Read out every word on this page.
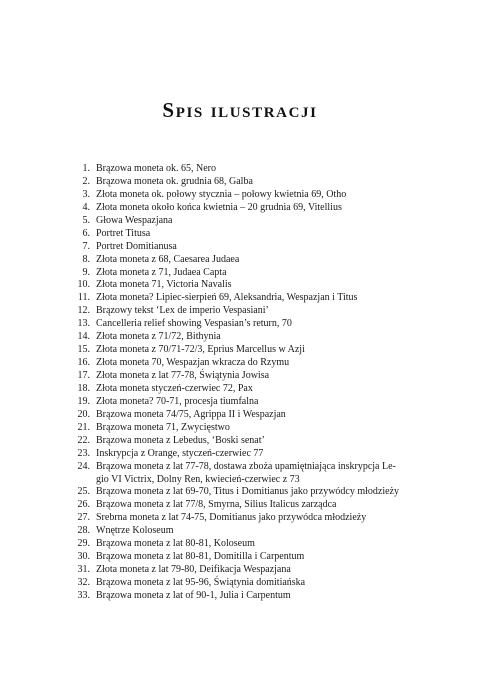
Spis ilustracji
1. Brązowa moneta ok. 65, Nero
2. Brązowa moneta ok. grudnia 68, Galba
3. Złota moneta ok. połowy stycznia – połowy kwietnia 69, Otho
4. Złota moneta około końca kwietnia – 20 grudnia 69, Vitellius
5. Głowa Wespazjana
6. Portret Titusa
7. Portret Domitianusa
8. Złota moneta z 68, Caesarea Judaea
9. Złota moneta z 71, Judaea Capta
10. Złota moneta 71, Victoria Navalis
11. Złota moneta? Lipiec-sierpień 69, Aleksandria, Wespazjan i Titus
12. Brązowy tekst ‘Lex de imperio Vespasiani’
13. Cancelleria relief showing Vespasian’s return, 70
14. Złota moneta z 71/72, Bithynia
15. Złota moneta z 70/71-72/3, Eprius Marcellus w Azji
16. Złota moneta 70, Wespazjan wkracza do Rzymu
17. Złota moneta z lat 77-78, Świątynia Jowisa
18. Złota moneta styczeń-czerwiec 72, Pax
19. Złota moneta? 70-71, procesja tiumfalna
20. Brązowa moneta 74/75, Agrippa II i Wespazjan
21. Brązowa moneta 71, Zwycięstwo
22. Brązowa moneta z Lebedus, ‘Boski senat’
23. Inskrypcja z Orange, styczeń-czerwiec 77
24. Brązowa moneta z lat 77-78, dostawa zboża upamiętniająca inskrypcja Le-
gio VI Victrix, Dolny Ren, kwiecień-czerwiec z 73
25. Brązowa moneta z lat 69-70, Titus i Domitianus jako przywódcy młodzieży
26. Brązowa moneta z lat 77/8, Smyrna, Silius Italicus zarządca
27. Srebrna moneta z lat 74-75, Domitianus jako przywódca młodzieży
28. Wnętrze Koloseum
29. Brązowa moneta z lat 80-81, Koloseum
30. Brązowa moneta z lat 80-81, Domitilla i Carpentum
31. Złota moneta z lat 79-80, Deifikacja Wespazjana
32. Brązowa moneta z lat 95-96, Świątynia domitiańska
33. Brązowa moneta z lat of 90-1, Julia i Carpentum
